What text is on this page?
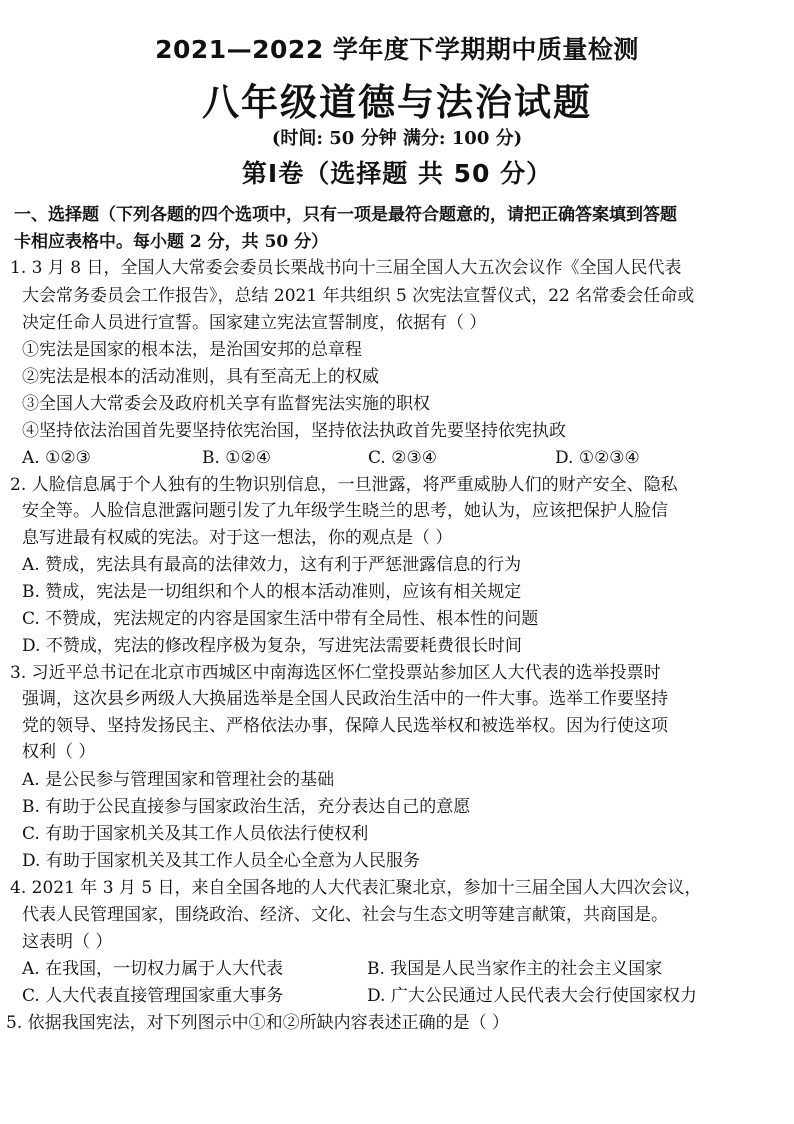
2021—2022 学年度下学期期中质量检测
八年级道德与法治试题
(时间: 50 分钟 满分: 100 分)
第Ⅰ卷（选择题 共 50 分）
一、选择题（下列各题的四个选项中，只有一项是最符合题意的，请把正确答案填到答题
卡相应表格中。每小题 2 分，共 50 分）
1. 3 月 8 日，全国人大常委会委员长栗战书向十三届全国人大五次会议作《全国人民代表
大会常务委员会工作报告》，总结 2021 年共组织 5 次宪法宣誓仪式，22 名常委会任命或
决定任命人员进行宣誓。国家建立宪法宣誓制度，依据有（ ）
①宪法是国家的根本法，是治国安邦的总章程
②宪法是根本的活动准则，具有至高无上的权威
③全国人大常委会及政府机关享有监督宪法实施的职权
④坚持依法治国首先要坚持依宪治国，坚持依法执政首先要坚持依宪执政
A. ①②③	B. ①②④	C. ②③④	D. ①②③④
2. 人脸信息属于个人独有的生物识别信息，一旦泄露，将严重威胁人们的财产安全、隐私
安全等。人脸信息泄露问题引发了九年级学生晓兰的思考，她认为，应该把保护人脸信
息写进最有权威的宪法。对于这一想法，你的观点是（ ）
A. 赞成，宪法具有最高的法律效力，这有利于严惩泄露信息的行为
B. 赞成，宪法是一切组织和个人的根本活动准则，应该有相关规定
C. 不赞成，宪法规定的内容是国家生活中带有全局性、根本性的问题
D. 不赞成，宪法的修改程序极为复杂，写进宪法需要耗费很长时间
3. 习近平总书记在北京市西城区中南海选区怀仁堂投票站参加区人大代表的选举投票时
强调，这次县乡两级人大换届选举是全国人民政治生活中的一件大事。选举工作要坚持
党的领导、坚持发扬民主、严格依法办事，保障人民选举权和被选举权。因为行使这项
权利（ ）
A. 是公民参与管理国家和管理社会的基础
B. 有助于公民直接参与国家政治生活，充分表达自己的意愿
C. 有助于国家机关及其工作人员依法行使权利
D. 有助于国家机关及其工作人员全心全意为人民服务
4. 2021 年 3 月 5 日，来自全国各地的人大代表汇聚北京，参加十三届全国人大四次会议，
代表人民管理国家，围绕政治、经济、文化、社会与生态文明等建言献策，共商国是。
这表明（ ）
A. 在我国，一切权力属于人大代表	B. 我国是人民当家作主的社会主义国家
C. 人大代表直接管理国家重大事务	D. 广大公民通过人民代表大会行使国家权力
5. 依据我国宪法，对下列图示中①和②所缺内容表述正确的是（ ）
